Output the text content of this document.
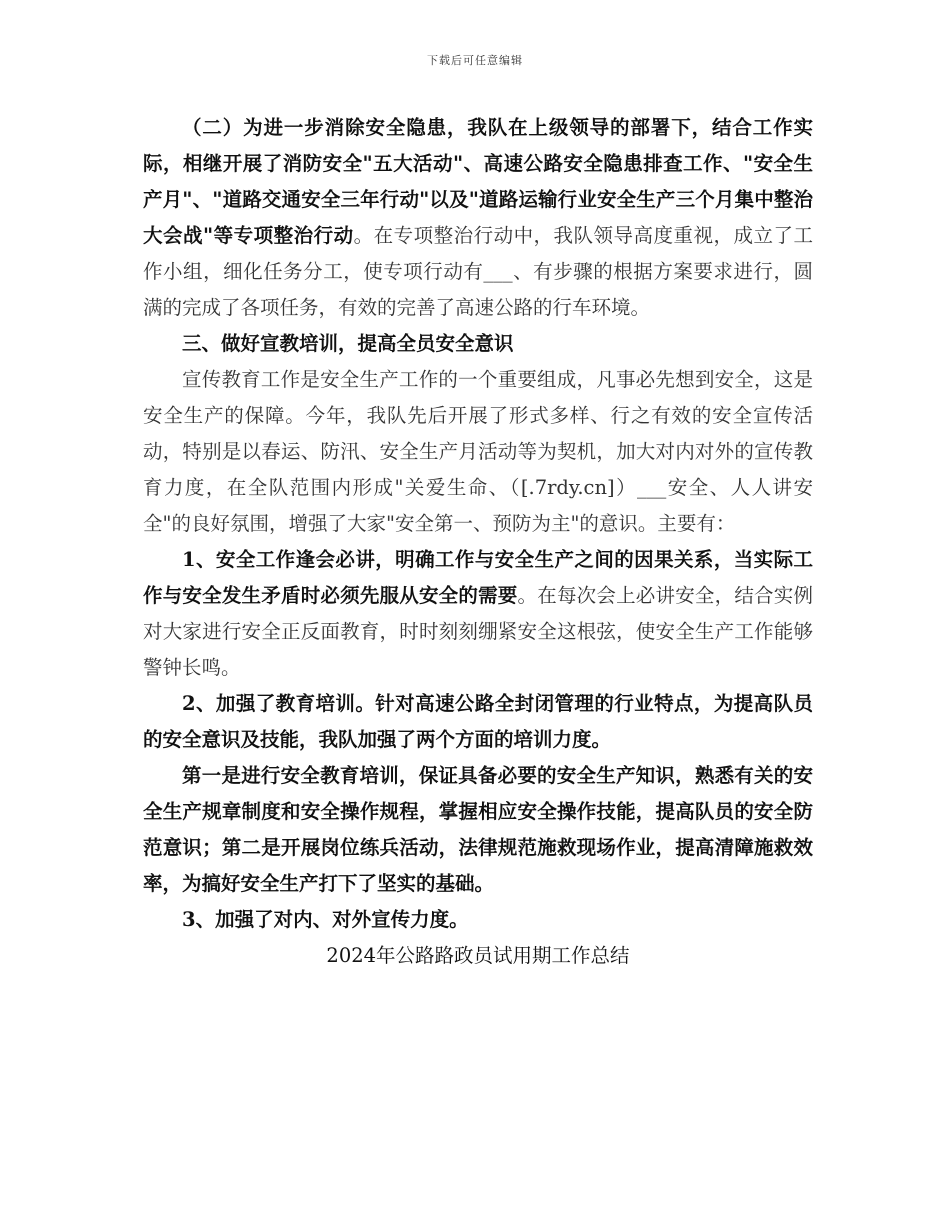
下载后可任意编辑

（二）为进一步消除安全隐患，我队在上级领导的部署下，结合工作实际，相继开展了消防安全"五大活动"、高速公路安全隐患排查工作、"安全生产月"、"道路交通安全三年行动"以及"道路运输行业安全生产三个月集中整治大会战"等专项整治行动。在专项整治行动中，我队领导高度重视，成立了工作小组，细化任务分工，使专项行动有___、有步骤的根据方案要求进行，圆满的完成了各项任务，有效的完善了高速公路的行车环境。

三、做好宣教培训，提高全员安全意识

宣传教育工作是安全生产工作的一个重要组成，凡事必先想到安全，这是安全生产的保障。今年，我队先后开展了形式多样、行之有效的安全宣传活动，特别是以春运、防汛、安全生产月活动等为契机，加大对内对外的宣传教育力度，在全队范围内形成"关爱生命、（[.7rdy.cn]）___安全、人人讲安全"的良好氛围，增强了大家"安全第一、预防为主"的意识。主要有：

1、安全工作逢会必讲，明确工作与安全生产之间的因果关系，当实际工作与安全发生矛盾时必须先服从安全的需要。在每次会上必讲安全，结合实例对大家进行安全正反面教育，时时刻刻绷紧安全这根弦，使安全生产工作能够警钟长鸣。

2、加强了教育培训。针对高速公路全封闭管理的行业特点，为提高队员的安全意识及技能，我队加强了两个方面的培训力度。

第一是进行安全教育培训，保证具备必要的安全生产知识，熟悉有关的安全生产规章制度和安全操作规程，掌握相应安全操作技能，提高队员的安全防范意识；第二是开展岗位练兵活动，法律规范施救现场作业，提高清障施救效率，为搞好安全生产打下了坚实的基础。

3、加强了对内、对外宣传力度。

2024年公路路政员试用期工作总结
